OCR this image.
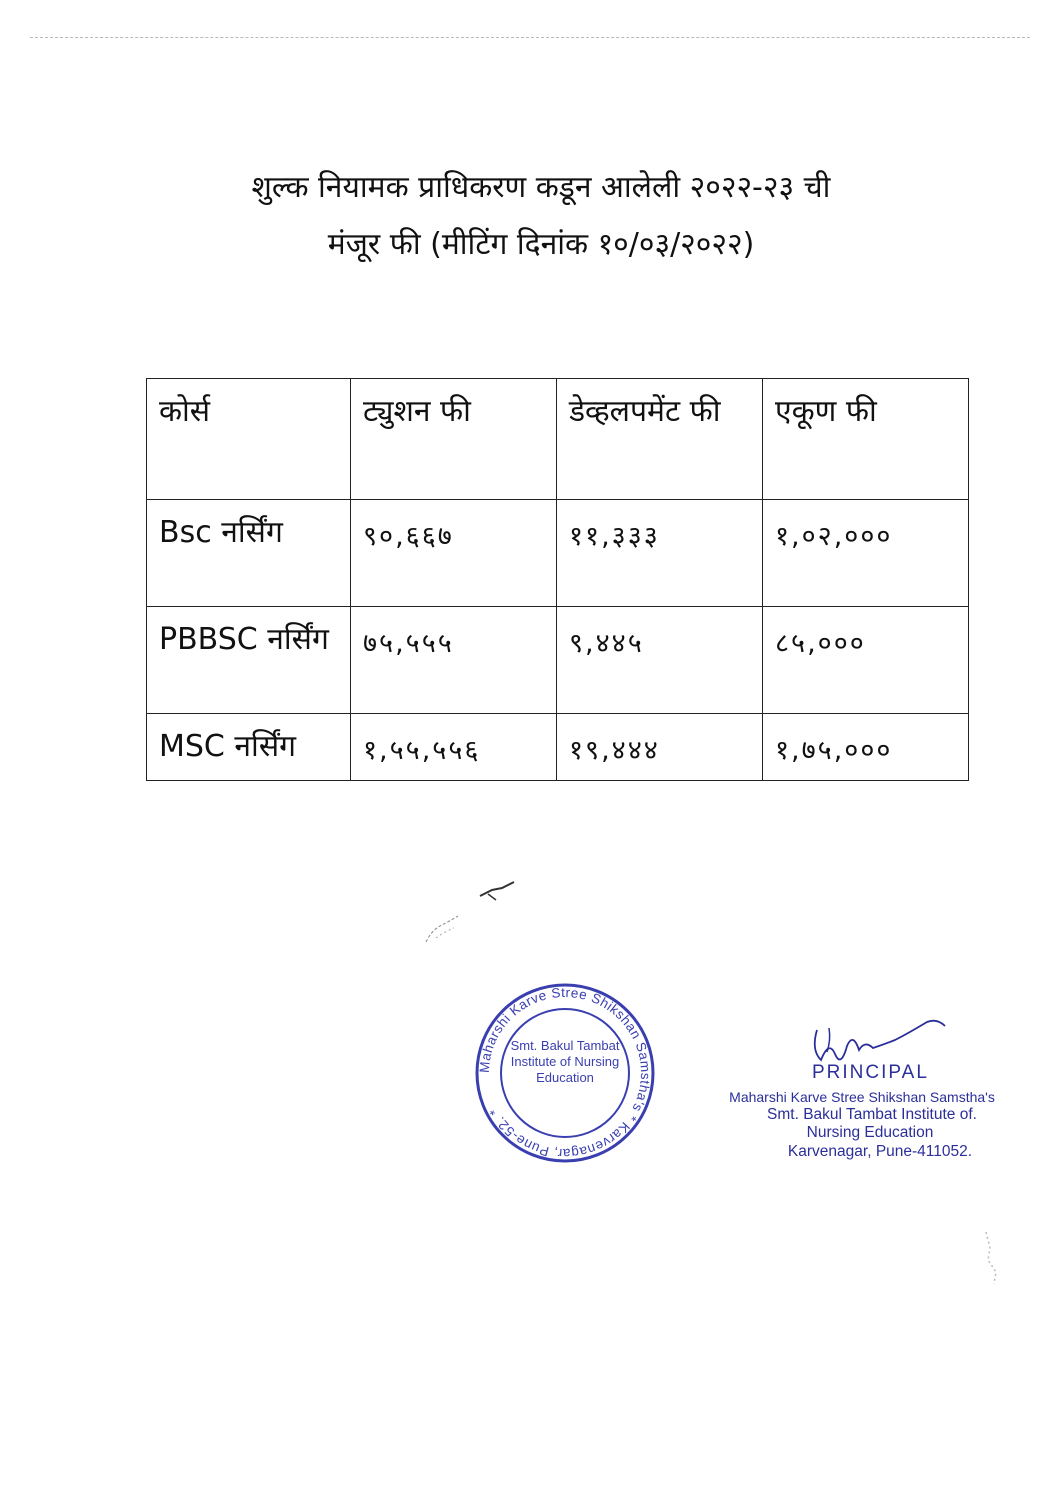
शुल्क नियामक प्राधिकरण कडून आलेली २०२२-२३ ची
मंजूर फी (मीटिंग दिनांक १०/०३/२०२२)
कोर्स	ट्युशन फी	डेव्हलपमेंट फी	एकूण फी
Bsc नर्सिंग	९०,६६७	११,३३३	१,०२,०००
PBBSC नर्सिंग	७५,५५५	९,४४५	८५,०००
MSC नर्सिंग	१,५५,५५६	१९,४४४	१,७५,०००
Maharshi Karve Stree Shikshan Samstha's * Karvenagar, Pune-52. *
Smt. Bakul Tambat Institute of Nursing Education	PRINCIPAL
Maharshi Karve Stree Shikshan Samstha's
Smt. Bakul Tambat Institute of.
Nursing Education
Karvenagar, Pune-411052.
